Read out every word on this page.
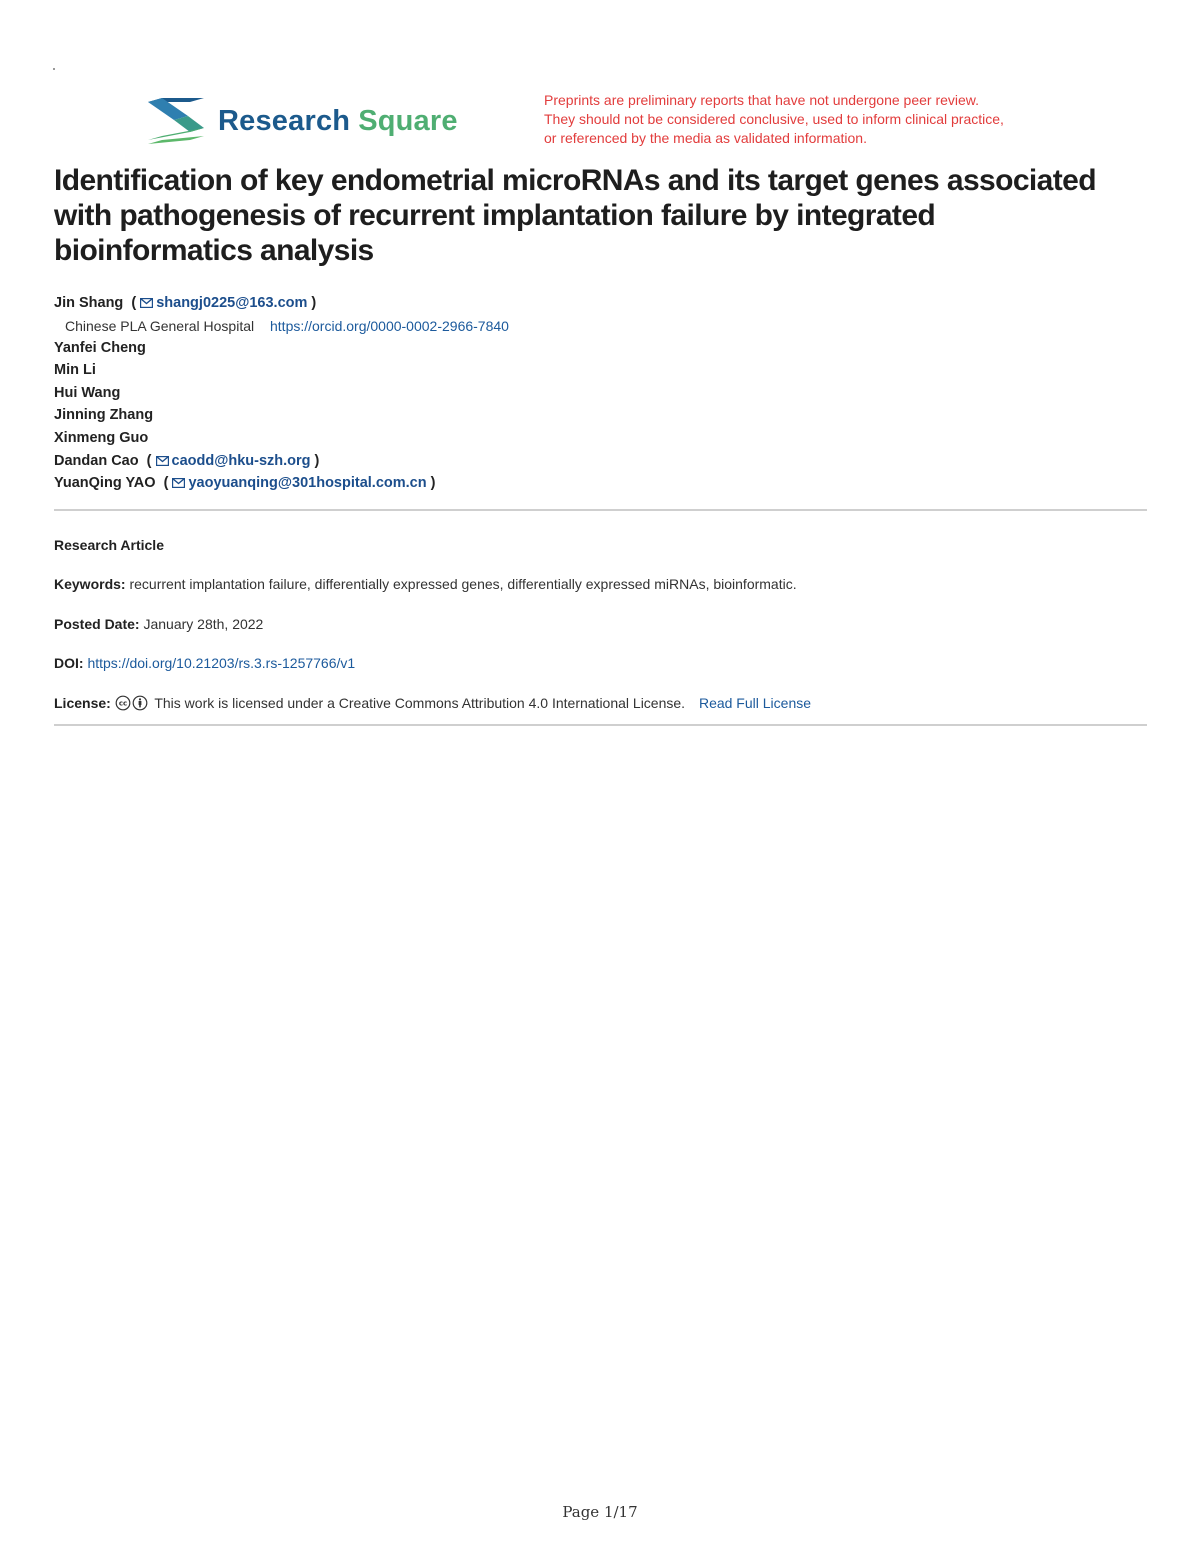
Research Square
Preprints are preliminary reports that have not undergone peer review.
They should not be considered conclusive, used to inform clinical practice,
or referenced by the media as validated information.
Identification of key endometrial microRNAs and its target genes associated
with pathogenesis of recurrent implantation failure by integrated
bioinformatics analysis
Jin Shang  ( shangj0225@163.com )
Chinese PLA General Hospital https://orcid.org/0000-0002-2966-7840
Yanfei Cheng
Min Li
Hui Wang
Jinning Zhang
Xinmeng Guo
Dandan Cao  ( caodd@hku-szh.org )
YuanQing YAO  ( yaoyuanqing@301hospital.com.cn )
Research Article
Keywords: recurrent implantation failure, differentially expressed genes, differentially expressed miRNAs, bioinformatic.
Posted Date: January 28th, 2022
DOI: https://doi.org/10.21203/rs.3.rs-1257766/v1
License: cc This work is licensed under a Creative Commons Attribution 4.0 International License. Read Full License
Page 1/17
